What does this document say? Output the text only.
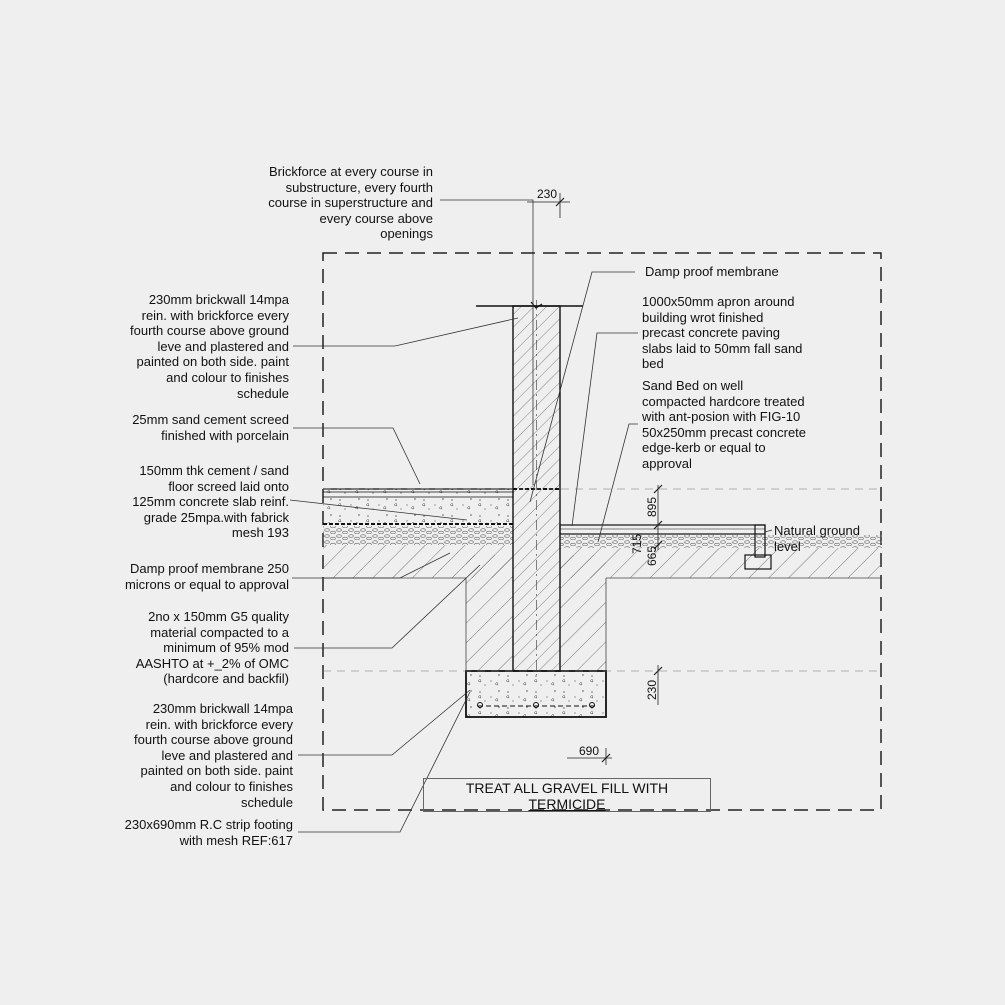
230
895
715
665
230
690
Brickforce at every course in
substructure, every fourth
course in superstructure and
every course above
openings
230mm brickwall 14mpa
rein. with brickforce every
fourth course above ground
leve and plastered and
painted on both side. paint
and colour to finishes
schedule
25mm sand cement screed
finished with porcelain
150mm thk cement / sand
floor screed laid onto
125mm concrete slab reinf.
grade 25mpa.with fabrick
mesh 193
Damp proof membrane 250
microns or equal to approval
2no x 150mm G5 quality
material compacted to a
minimum of 95% mod
AASHTO at +_2% of OMC
(hardcore and backfil)
230mm brickwall 14mpa
rein. with brickforce every
fourth course above ground
leve and plastered and
painted on both side. paint
and colour to finishes
schedule
230x690mm R.C strip footing
with mesh REF:617
Damp proof membrane
1000x50mm apron around
building wrot finished
precast concrete paving
slabs laid to 50mm fall sand
bed
Sand Bed on well
compacted hardcore treated
with ant-posion with FIG-10
50x250mm precast concrete
edge-kerb or equal to
approval
Natural ground
level
TREAT ALL GRAVEL FILL WITH
TERMICIDE
